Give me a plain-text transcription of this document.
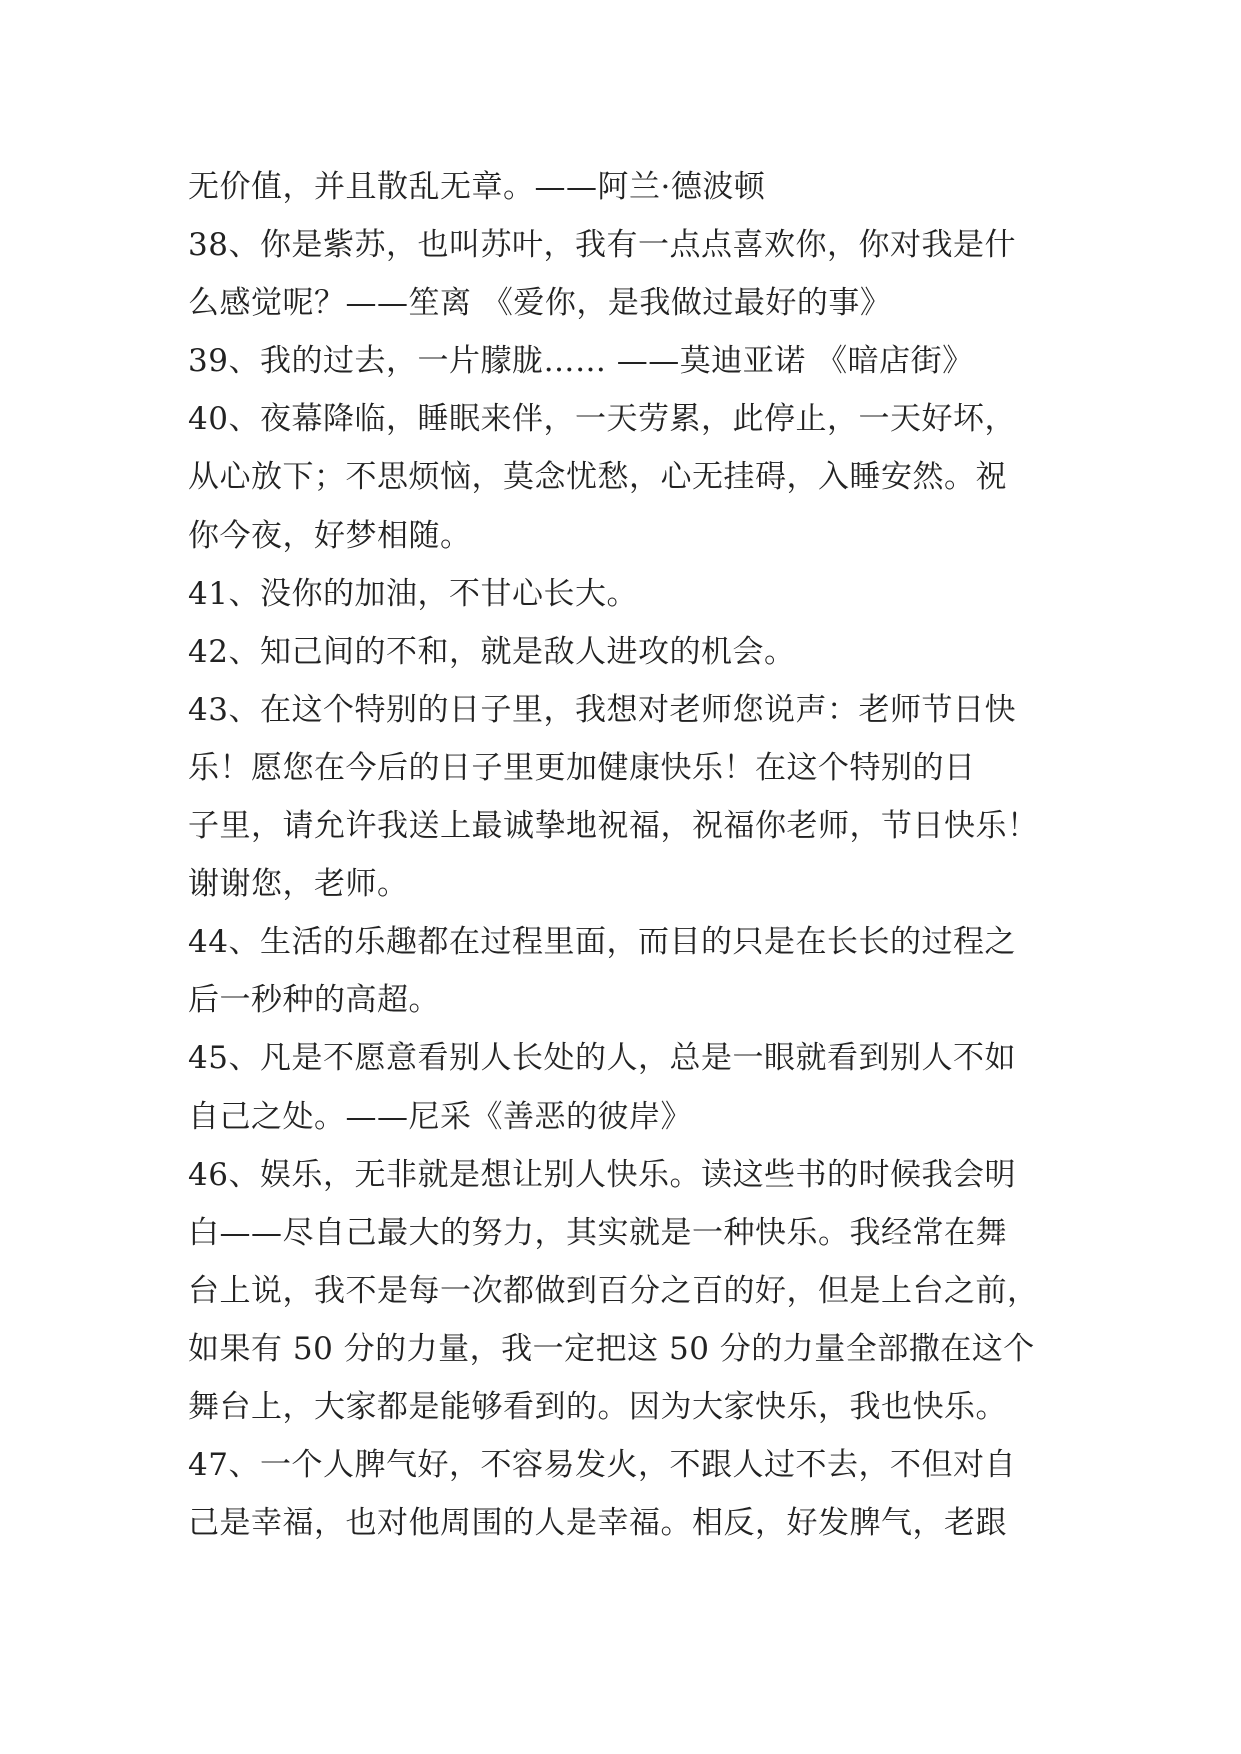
无价值，并且散乱无章。——阿兰·德波顿
38、你是紫苏，也叫苏叶，我有一点点喜欢你，你对我是什
么感觉呢？——笙离 《爱你，是我做过最好的事》
39、我的过去，一片朦胧…… ——莫迪亚诺 《暗店街》
40、夜幕降临，睡眠来伴，一天劳累，此停止，一天好坏，
从心放下；不思烦恼，莫念忧愁，心无挂碍，入睡安然。祝
你今夜，好梦相随。
41、没你的加油，不甘心长大。
42、知己间的不和，就是敌人进攻的机会。
43、在这个特别的日子里，我想对老师您说声：老师节日快
乐！愿您在今后的日子里更加健康快乐！在这个特别的日
子里，请允许我送上最诚挚地祝福，祝福你老师，节日快乐！
谢谢您，老师。
44、生活的乐趣都在过程里面，而目的只是在长长的过程之
后一秒种的高超。
45、凡是不愿意看别人长处的人，总是一眼就看到别人不如
自己之处。——尼采《善恶的彼岸》
46、娱乐，无非就是想让别人快乐。读这些书的时候我会明
白——尽自己最大的努力，其实就是一种快乐。我经常在舞
台上说，我不是每一次都做到百分之百的好，但是上台之前，
如果有 50 分的力量，我一定把这 50 分的力量全部撒在这个
舞台上，大家都是能够看到的。因为大家快乐，我也快乐。
47、一个人脾气好，不容易发火，不跟人过不去，不但对自
己是幸福，也对他周围的人是幸福。相反，好发脾气，老跟
